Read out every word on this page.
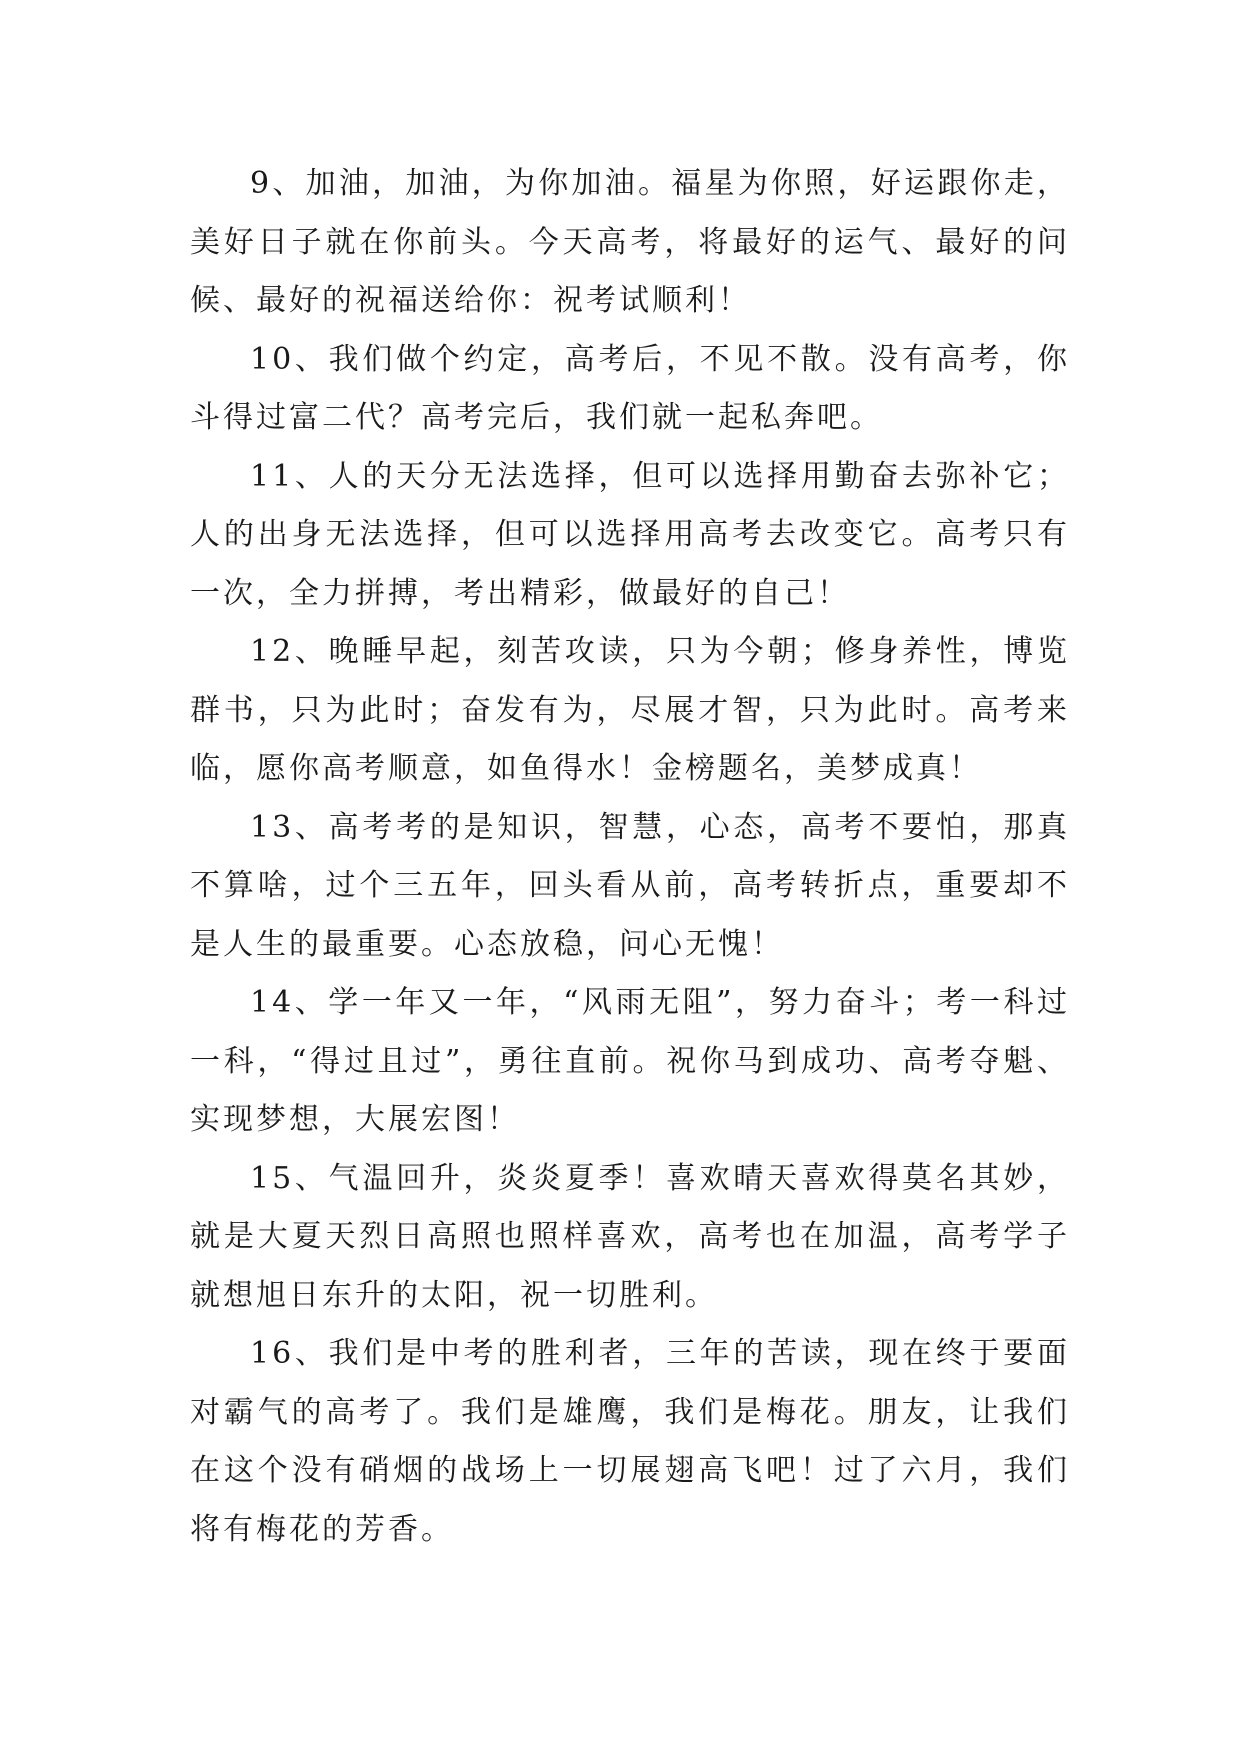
9、加油，加油，为你加油。福星为你照，好运跟你走，美好日子就在你前头。今天高考，将最好的运气、最好的问候、最好的祝福送给你：祝考试顺利！

10、我们做个约定，高考后，不见不散。没有高考，你斗得过富二代？高考完后，我们就一起私奔吧。

11、人的天分无法选择，但可以选择用勤奋去弥补它；人的出身无法选择，但可以选择用高考去改变它。高考只有一次，全力拼搏，考出精彩，做最好的自己！

12、晚睡早起，刻苦攻读，只为今朝；修身养性，博览群书，只为此时；奋发有为，尽展才智，只为此时。高考来临，愿你高考顺意，如鱼得水！金榜题名，美梦成真！

13、高考考的是知识，智慧，心态，高考不要怕，那真不算啥，过个三五年，回头看从前，高考转折点，重要却不是人生的最重要。心态放稳，问心无愧！

14、学一年又一年，“风雨无阻”，努力奋斗；考一科过一科，“得过且过”，勇往直前。祝你马到成功、高考夺魁、实现梦想，大展宏图！

15、气温回升，炎炎夏季！喜欢晴天喜欢得莫名其妙，就是大夏天烈日高照也照样喜欢，高考也在加温，高考学子就想旭日东升的太阳，祝一切胜利。

16、我们是中考的胜利者，三年的苦读，现在终于要面对霸气的高考了。我们是雄鹰，我们是梅花。朋友，让我们在这个没有硝烟的战场上一切展翅高飞吧！过了六月，我们将有梅花的芳香。
